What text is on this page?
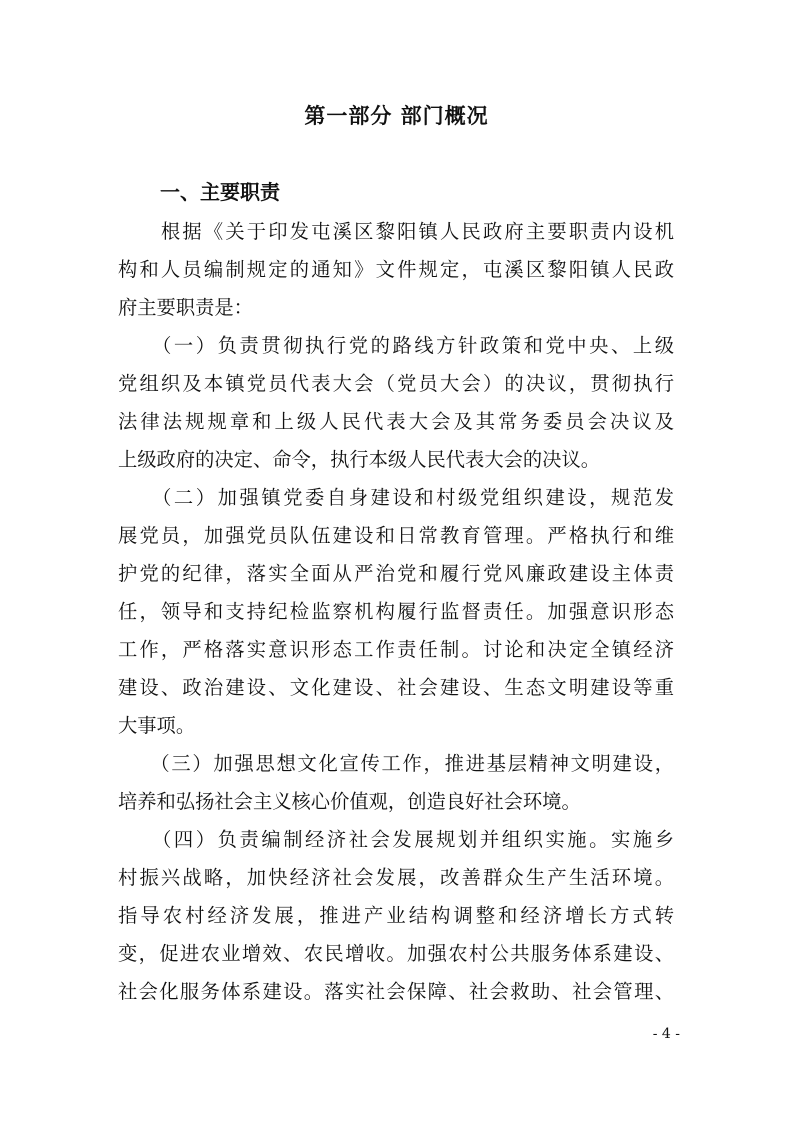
第一部分 部门概况
一、主要职责
　　根据《关于印发屯溪区黎阳镇人民政府主要职责内设机
构和人员编制规定的通知》文件规定，屯溪区黎阳镇人民政
府主要职责是：
　　（一）负责贯彻执行党的路线方针政策和党中央、上级
党组织及本镇党员代表大会（党员大会）的决议，贯彻执行
法律法规规章和上级人民代表大会及其常务委员会决议及
上级政府的决定、命令，执行本级人民代表大会的决议。
　　（二）加强镇党委自身建设和村级党组织建设，规范发
展党员，加强党员队伍建设和日常教育管理。严格执行和维
护党的纪律，落实全面从严治党和履行党风廉政建设主体责
任，领导和支持纪检监察机构履行监督责任。加强意识形态
工作，严格落实意识形态工作责任制。讨论和决定全镇经济
建设、政治建设、文化建设、社会建设、生态文明建设等重
大事项。
　　（三）加强思想文化宣传工作，推进基层精神文明建设，
培养和弘扬社会主义核心价值观，创造良好社会环境。
　　（四）负责编制经济社会发展规划并组织实施。实施乡
村振兴战略，加快经济社会发展，改善群众生产生活环境。
指导农村经济发展，推进产业结构调整和经济增长方式转
变，促进农业增效、农民增收。加强农村公共服务体系建设、
社会化服务体系建设。落实社会保障、社会救助、社会管理、
- 4 -
